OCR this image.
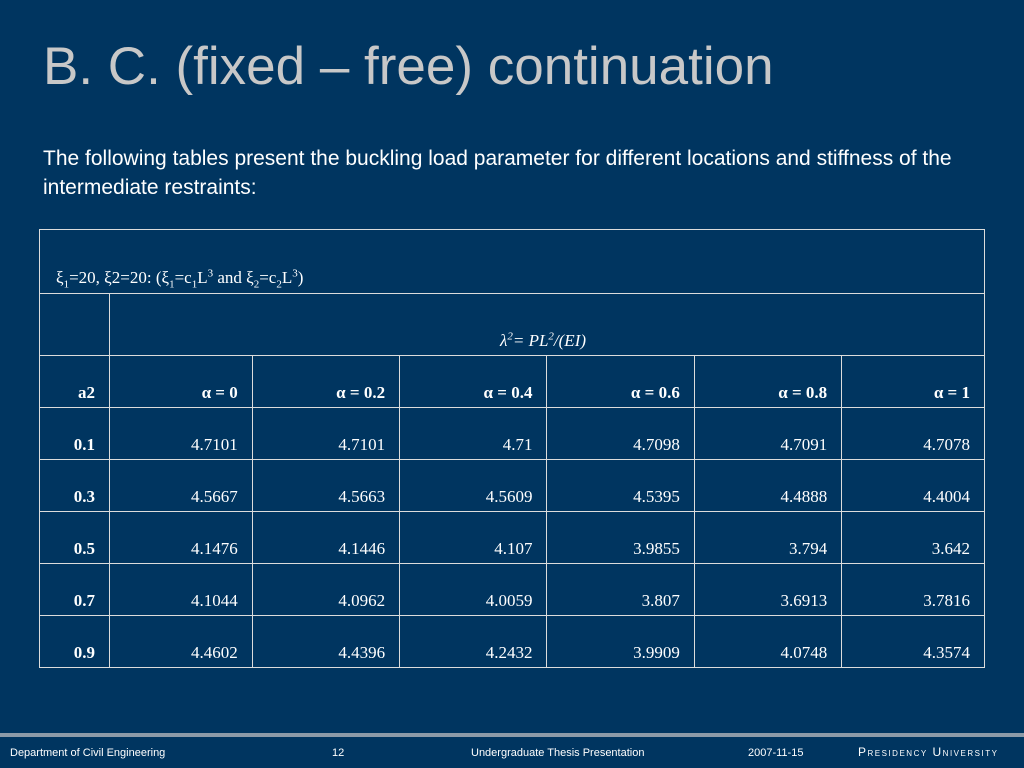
B. C. (fixed – free) continuation
The following tables present the buckling load parameter for different locations and stiffness of the intermediate restraints:
$\xi_1=20$, ξ2=20: ($\xi_1=c_1L^3$ and $\xi_2=c_2L^3$)						
	$\lambda^2= PL^2/(EI)$					
a2	α = 0	α = 0.2	α = 0.4	α = 0.6	α = 0.8	α = 1
0.1	4.7101	4.7101	4.71	4.7098	4.7091	4.7078
0.3	4.5667	4.5663	4.5609	4.5395	4.4888	4.4004
0.5	4.1476	4.1446	4.107	3.9855	3.794	3.642
0.7	4.1044	4.0962	4.0059	3.807	3.6913	3.7816
0.9	4.4602	4.4396	4.2432	3.9909	4.0748	4.3574
Department of Civil Engineering	12	Undergraduate Thesis Presentation	2007-11-15	Presidency University
